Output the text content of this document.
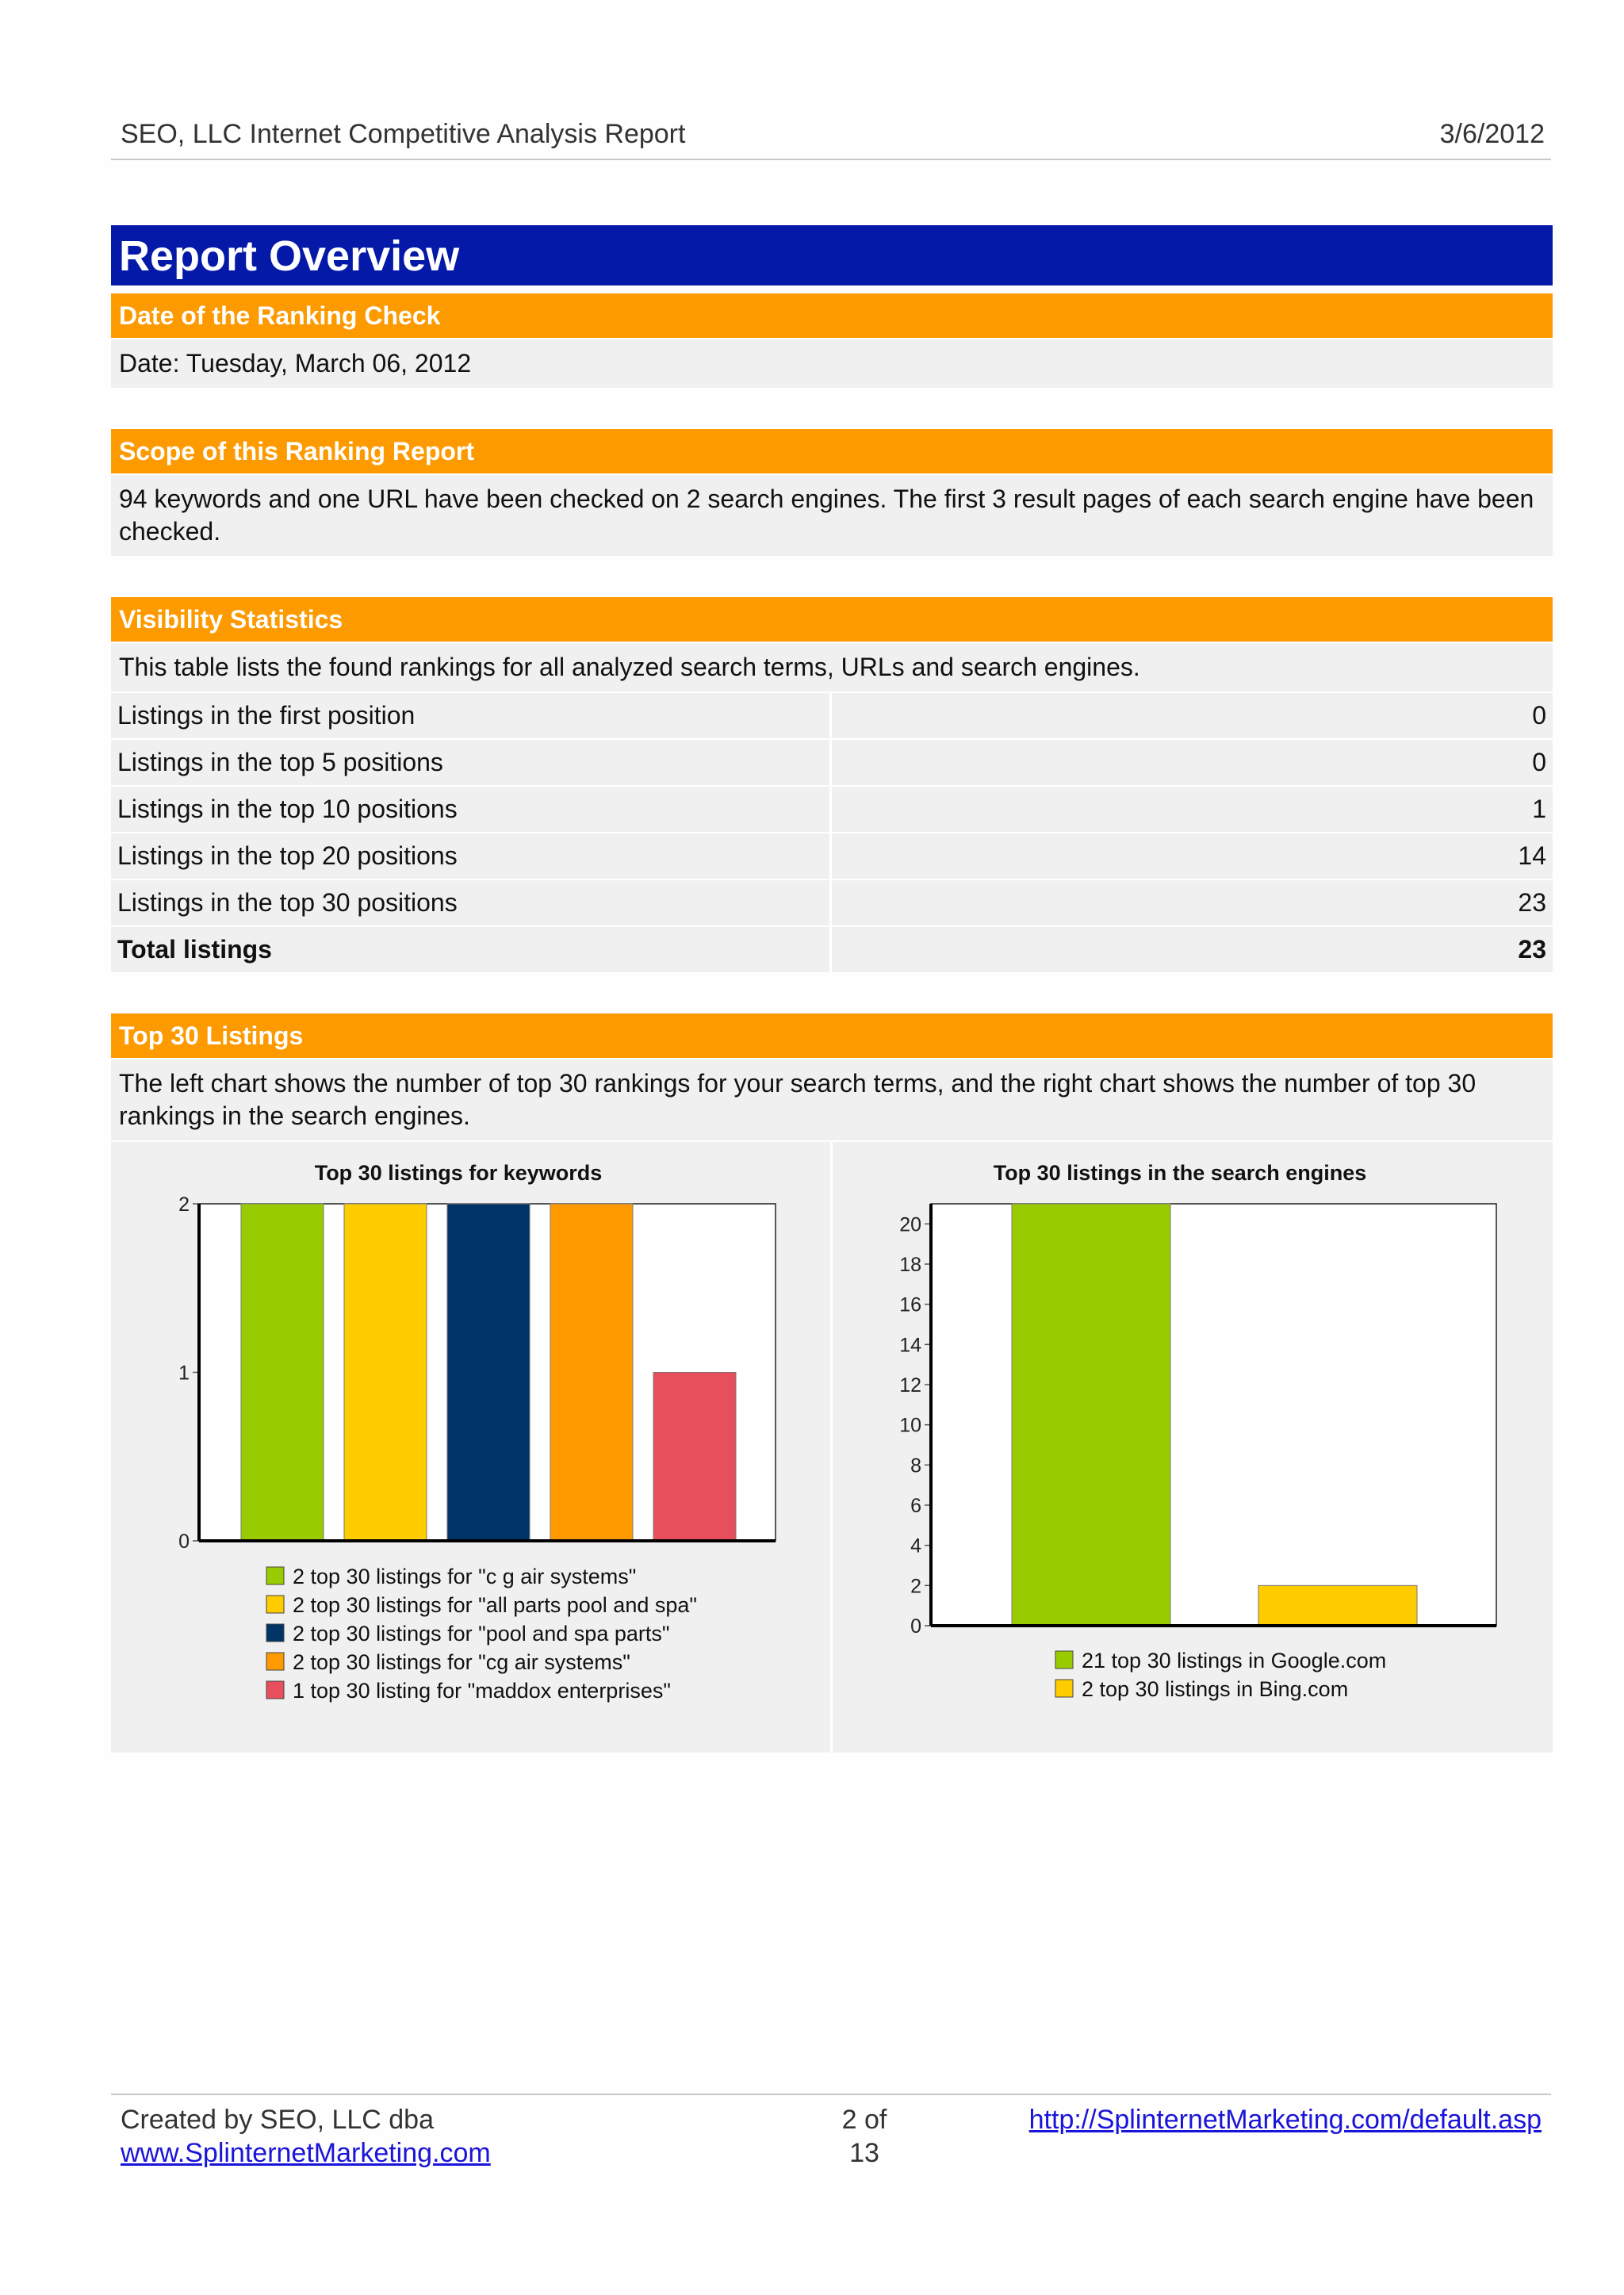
SEO, LLC Internet Competitive Analysis Report	3/6/2012
Report Overview
Date of the Ranking Check
Date: Tuesday, March 06, 2012
Scope of this Ranking Report
94 keywords and one URL have been checked on 2 search engines. The first 3 result pages of each search engine have been checked.
Visibility Statistics
This table lists the found rankings for all analyzed search terms, URLs and search engines.
Listings in the first position	0
Listings in the top 5 positions	0
Listings in the top 10 positions	1
Listings in the top 20 positions	14
Listings in the top 30 positions	23
Total listings	23
Top 30 Listings
The left chart shows the number of top 30 rankings for your search terms, and the right chart shows the number of top 30 rankings in the search engines.
Top 30 listings for keywords
0
1
2
2 top 30 listings for "c g air systems"
2 top 30 listings for "all parts pool and spa"
2 top 30 listings for "pool and spa parts"
2 top 30 listings for "cg air systems"
1 top 30 listing for "maddox enterprises"
Top 30 listings in the search engines
0
2
4
6
8
10
12
14
16
18
20
21 top 30 listings in Google.com
2 top 30 listings in Bing.com
Created by SEO, LLC dba
www.SplinternetMarketing.com
2 of
13
http://SplinternetMarketing.com/default.asp
